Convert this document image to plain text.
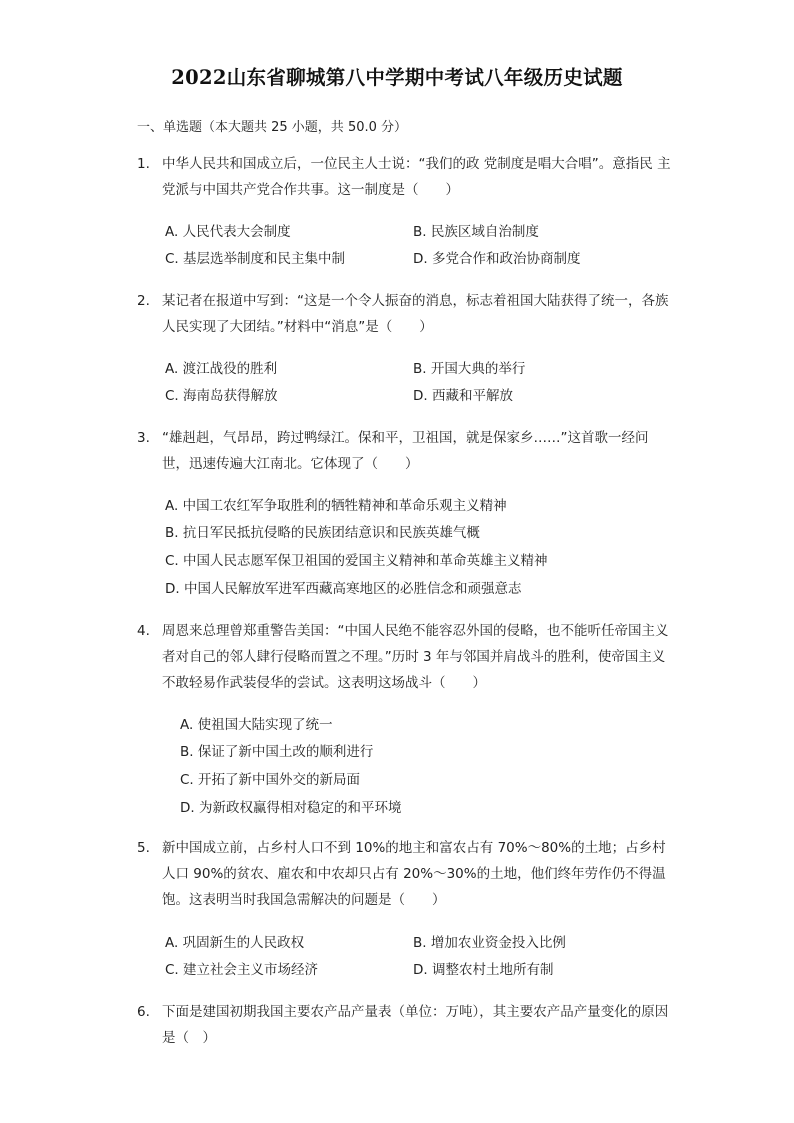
2022山东省聊城第八中学期中考试八年级历史试题
一、单选题（本大题共 25 小题，共 50.0 分）
1. 中华人民共和国成立后，一位民主人士说：“我们的政 党制度是唱大合唱”。意指民 主党派与中国共产党合作共事。这一制度是（　　）
A. 人民代表大会制度	B. 民族区域自治制度
C. 基层选举制度和民主集中制	D. 多党合作和政治协商制度
2. 某记者在报道中写到：“这是一个令人振奋的消息，标志着祖国大陆获得了统一，各族人民实现了大团结。”材料中“消息”是（　　）
A. 渡江战役的胜利	B. 开国大典的举行
C. 海南岛获得解放	D. 西藏和平解放
3. “雄赳赳，气昂昂，跨过鸭绿江。保和平，卫祖国，就是保家乡……”这首歌一经问世，迅速传遍大江南北。它体现了（　　）
A. 中国工农红军争取胜利的牺牲精神和革命乐观主义精神
B. 抗日军民抵抗侵略的民族团结意识和民族英雄气概
C. 中国人民志愿军保卫祖国的爱国主义精神和革命英雄主义精神
D. 中国人民解放军进军西藏高寒地区的必胜信念和顽强意志
4. 周恩来总理曾郑重警告美国：“中国人民绝不能容忍外国的侵略，也不能听任帝国主义者对自己的邻人肆行侵略而置之不理。”历时 3 年与邻国并肩战斗的胜利，使帝国主义不敢轻易作武装侵华的尝试。这表明这场战斗（　　）
A. 使祖国大陆实现了统一
B. 保证了新中国土改的顺利进行
C. 开拓了新中国外交的新局面
D. 为新政权赢得相对稳定的和平环境
5. 新中国成立前，占乡村人口不到 10%的地主和富农占有 70%～80%的土地；占乡村人口 90%的贫农、雇农和中农却只占有 20%～30%的土地，他们终年劳作仍不得温饱。这表明当时我国急需解决的问题是（　　）
A. 巩固新生的人民政权	B. 增加农业资金投入比例
C. 建立社会主义市场经济	D. 调整农村土地所有制
6. 下面是建国初期我国主要农产品产量表（单位：万吨），其主要农产品产量变化的原因是（　）
